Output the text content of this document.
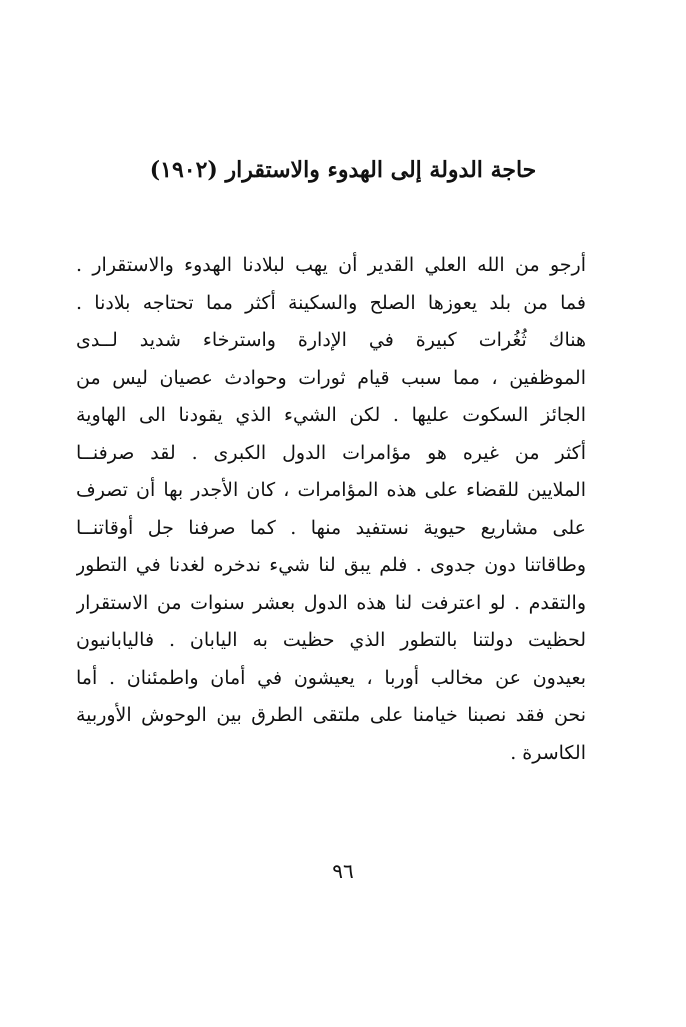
حاجة الدولة إلى الهدوء والاستقرار (١٩٠٢)
أرجو من الله العلي القدير أن يهب لبلادنا الهدوء والاستقرار .
فما من بلد يعوزها الصلح والسكينة أكثر مما تحتاجه بلادنا .
هناك ثُغُرات كبيرة في الإدارة واسترخاء شديد لــدى
الموظفين ، مما سبب قيام ثورات وحوادث عصيان ليس من
الجائز السكوت عليها . لكن الشيء الذي يقودنا الى الهاوية
أكثر من غيره هو مؤامرات الدول الكبرى . لقد صرفنــا
الملايين للقضاء على هذه المؤامرات ، كان الأجدر بها أن تصرف
على مشاريع حيوية نستفيد منها . كما صرفنا جل أوقاتنــا
وطاقاتنا دون جدوى . فلم يبق لنا شيء ندخره لغدنا في التطور
والتقدم . لو اعترفت لنا هذه الدول بعشر سنوات من الاستقرار
لحظيت دولتنا بالتطور الذي حظيت به اليابان . فاليابانيون
بعيدون عن مخالب أوربا ، يعيشون في أمان واطمئنان . أما
نحن فقد نصبنا خيامنا على ملتقى الطرق بين الوحوش الأوربية
الكاسرة .
٩٦
